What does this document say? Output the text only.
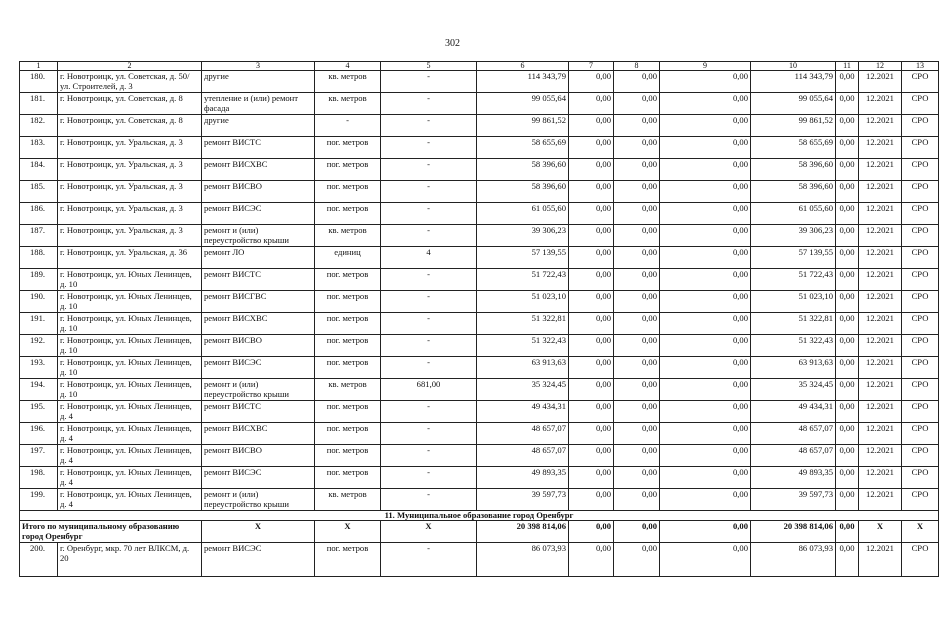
302
1	2	3	4	5	6	7	8	9	10	11	12	13
180.	г. Новотроицк, ул. Советская, д. 50/ул. Строителей, д. 3	другие	кв. метров	-	114 343,79	0,00	0,00	0,00	114 343,79	0,00	12.2021	СРО
181.	г. Новотроицк, ул. Советская, д. 8	утепление и (или) ремонт фасада	кв. метров	-	99 055,64	0,00	0,00	0,00	99 055,64	0,00	12.2021	СРО
182.	г. Новотроицк, ул. Советская, д. 8	другие	-	-	99 861,52	0,00	0,00	0,00	99 861,52	0,00	12.2021	СРО
183.	г. Новотроицк, ул. Уральская, д. 3	ремонт ВИСТС	пог. метров	-	58 655,69	0,00	0,00	0,00	58 655,69	0,00	12.2021	СРО
184.	г. Новотроицк, ул. Уральская, д. 3	ремонт ВИСХВС	пог. метров	-	58 396,60	0,00	0,00	0,00	58 396,60	0,00	12.2021	СРО
185.	г. Новотроицк, ул. Уральская, д. 3	ремонт ВИСВО	пог. метров	-	58 396,60	0,00	0,00	0,00	58 396,60	0,00	12.2021	СРО
186.	г. Новотроицк, ул. Уральская, д. 3	ремонт ВИСЭС	пог. метров	-	61 055,60	0,00	0,00	0,00	61 055,60	0,00	12.2021	СРО
187.	г. Новотроицк, ул. Уральская, д. 3	ремонт и (или) переустройство крыши	кв. метров	-	39 306,23	0,00	0,00	0,00	39 306,23	0,00	12.2021	СРО
188.	г. Новотроицк, ул. Уральская, д. 36	ремонт ЛО	единиц	4	57 139,55	0,00	0,00	0,00	57 139,55	0,00	12.2021	СРО
189.	г. Новотроицк, ул. Юных Ленинцев, д. 10	ремонт ВИСТС	пог. метров	-	51 722,43	0,00	0,00	0,00	51 722,43	0,00	12.2021	СРО
190.	г. Новотроицк, ул. Юных Ленинцев, д. 10	ремонт ВИСГВС	пог. метров	-	51 023,10	0,00	0,00	0,00	51 023,10	0,00	12.2021	СРО
191.	г. Новотроицк, ул. Юных Ленинцев, д. 10	ремонт ВИСХВС	пог. метров	-	51 322,81	0,00	0,00	0,00	51 322,81	0,00	12.2021	СРО
192.	г. Новотроицк, ул. Юных Ленинцев, д. 10	ремонт ВИСВО	пог. метров	-	51 322,43	0,00	0,00	0,00	51 322,43	0,00	12.2021	СРО
193.	г. Новотроицк, ул. Юных Ленинцев, д. 10	ремонт ВИСЭС	пог. метров	-	63 913,63	0,00	0,00	0,00	63 913,63	0,00	12.2021	СРО
194.	г. Новотроицк, ул. Юных Ленинцев, д. 10	ремонт и (или) переустройство крыши	кв. метров	681,00	35 324,45	0,00	0,00	0,00	35 324,45	0,00	12.2021	СРО
195.	г. Новотроицк, ул. Юных Ленинцев, д. 4	ремонт ВИСТС	пог. метров	-	49 434,31	0,00	0,00	0,00	49 434,31	0,00	12.2021	СРО
196.	г. Новотроицк, ул. Юных Ленинцев, д. 4	ремонт ВИСХВС	пог. метров	-	48 657,07	0,00	0,00	0,00	48 657,07	0,00	12.2021	СРО
197.	г. Новотроицк, ул. Юных Ленинцев, д. 4	ремонт ВИСВО	пог. метров	-	48 657,07	0,00	0,00	0,00	48 657,07	0,00	12.2021	СРО
198.	г. Новотроицк, ул. Юных Ленинцев, д. 4	ремонт ВИСЭС	пог. метров	-	49 893,35	0,00	0,00	0,00	49 893,35	0,00	12.2021	СРО
199.	г. Новотроицк, ул. Юных Ленинцев, д. 4	ремонт и (или) переустройство крыши	кв. метров	-	39 597,73	0,00	0,00	0,00	39 597,73	0,00	12.2021	СРО
11. Муниципальное образование город Оренбург												
Итого по муниципальному образованию город Оренбург		X	X	X	20 398 814,06	0,00	0,00	0,00	20 398 814,06	0,00	X	X
200.	г. Оренбург, мкр. 70 лет ВЛКСМ, д. 20	ремонт ВИСЭС	пог. метров	-	86 073,93	0,00	0,00	0,00	86 073,93	0,00	12.2021	СРО
